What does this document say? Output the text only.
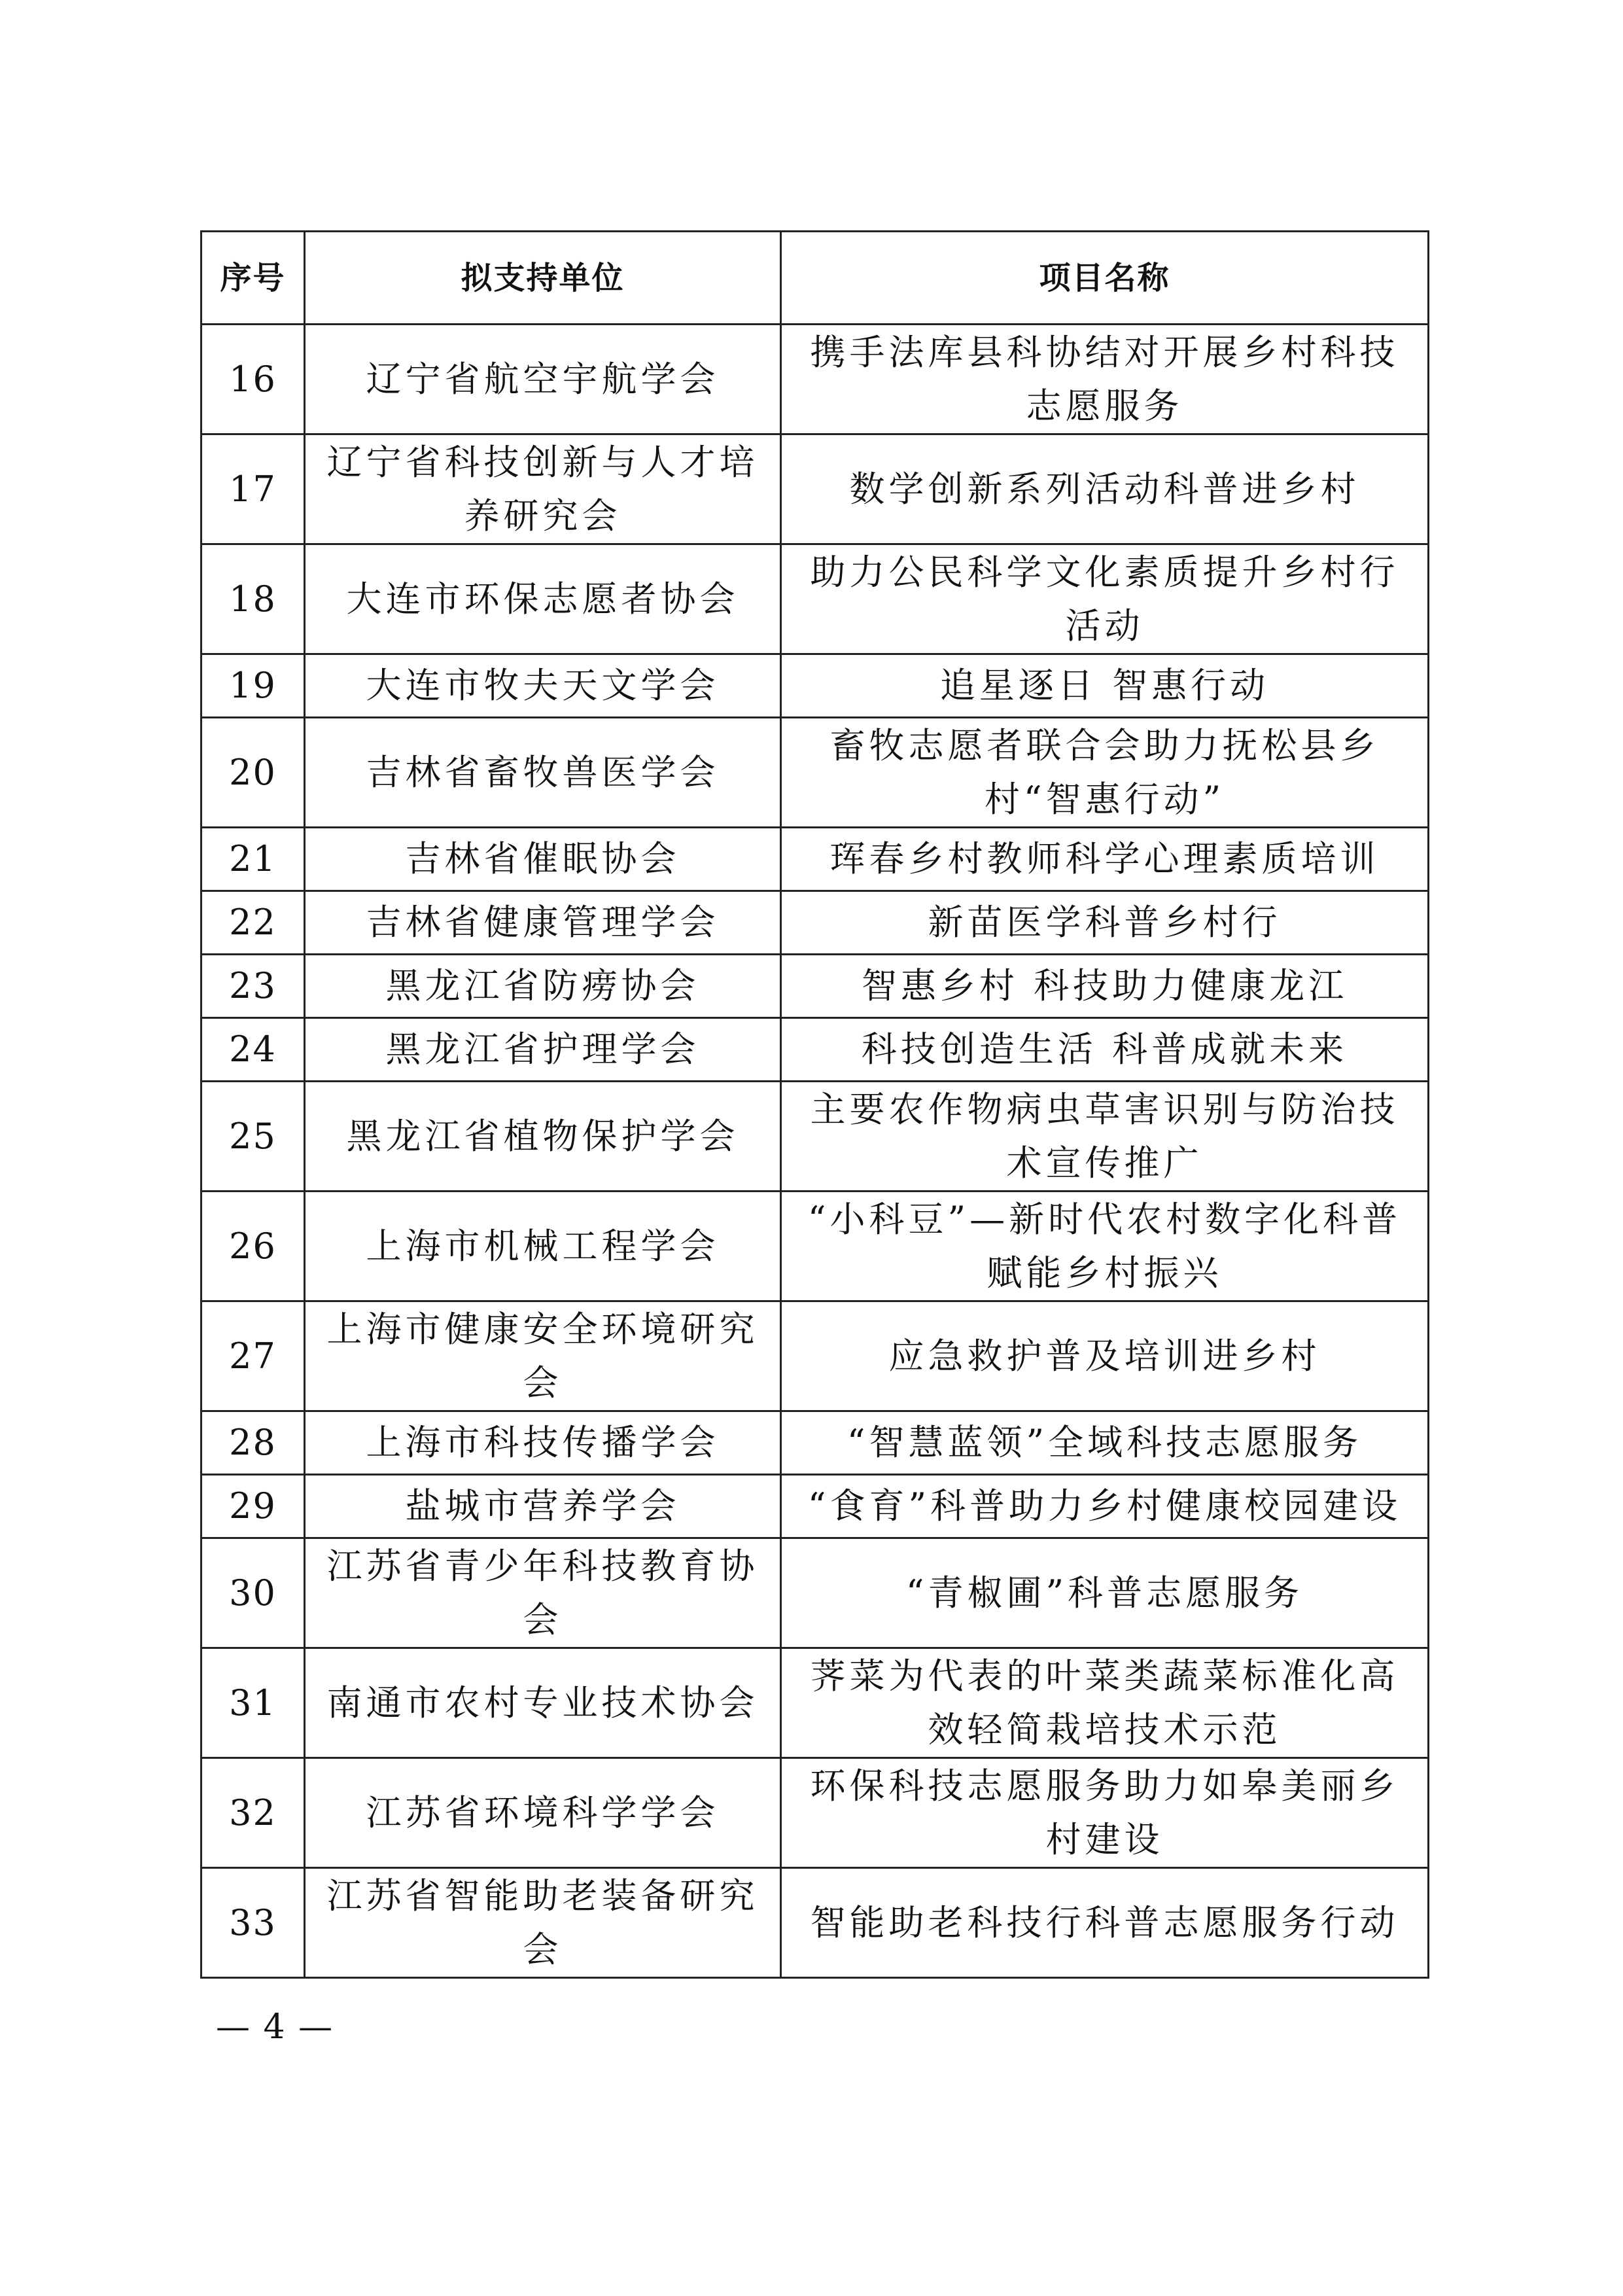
序号	拟支持单位	项目名称
16	辽宁省航空宇航学会	携手法库县科协结对开展乡村科技志愿服务
17	辽宁省科技创新与人才培养研究会	数学创新系列活动科普进乡村
18	大连市环保志愿者协会	助力公民科学文化素质提升乡村行活动
19	大连市牧夫天文学会	追星逐日 智惠行动
20	吉林省畜牧兽医学会	畜牧志愿者联合会助力抚松县乡村“智惠行动”
21	吉林省催眠协会	珲春乡村教师科学心理素质培训
22	吉林省健康管理学会	新苗医学科普乡村行
23	黑龙江省防痨协会	智惠乡村 科技助力健康龙江
24	黑龙江省护理学会	科技创造生活 科普成就未来
25	黑龙江省植物保护学会	主要农作物病虫草害识别与防治技术宣传推广
26	上海市机械工程学会	“小科豆”—新时代农村数字化科普赋能乡村振兴
27	上海市健康安全环境研究会	应急救护普及培训进乡村
28	上海市科技传播学会	“智慧蓝领”全域科技志愿服务
29	盐城市营养学会	“食育”科普助力乡村健康校园建设
30	江苏省青少年科技教育协会	“青椒圃”科普志愿服务
31	南通市农村专业技术协会	荠菜为代表的叶菜类蔬菜标准化高效轻简栽培技术示范
32	江苏省环境科学学会	环保科技志愿服务助力如皋美丽乡村建设
33	江苏省智能助老装备研究会	智能助老科技行科普志愿服务行动
— 4 —
